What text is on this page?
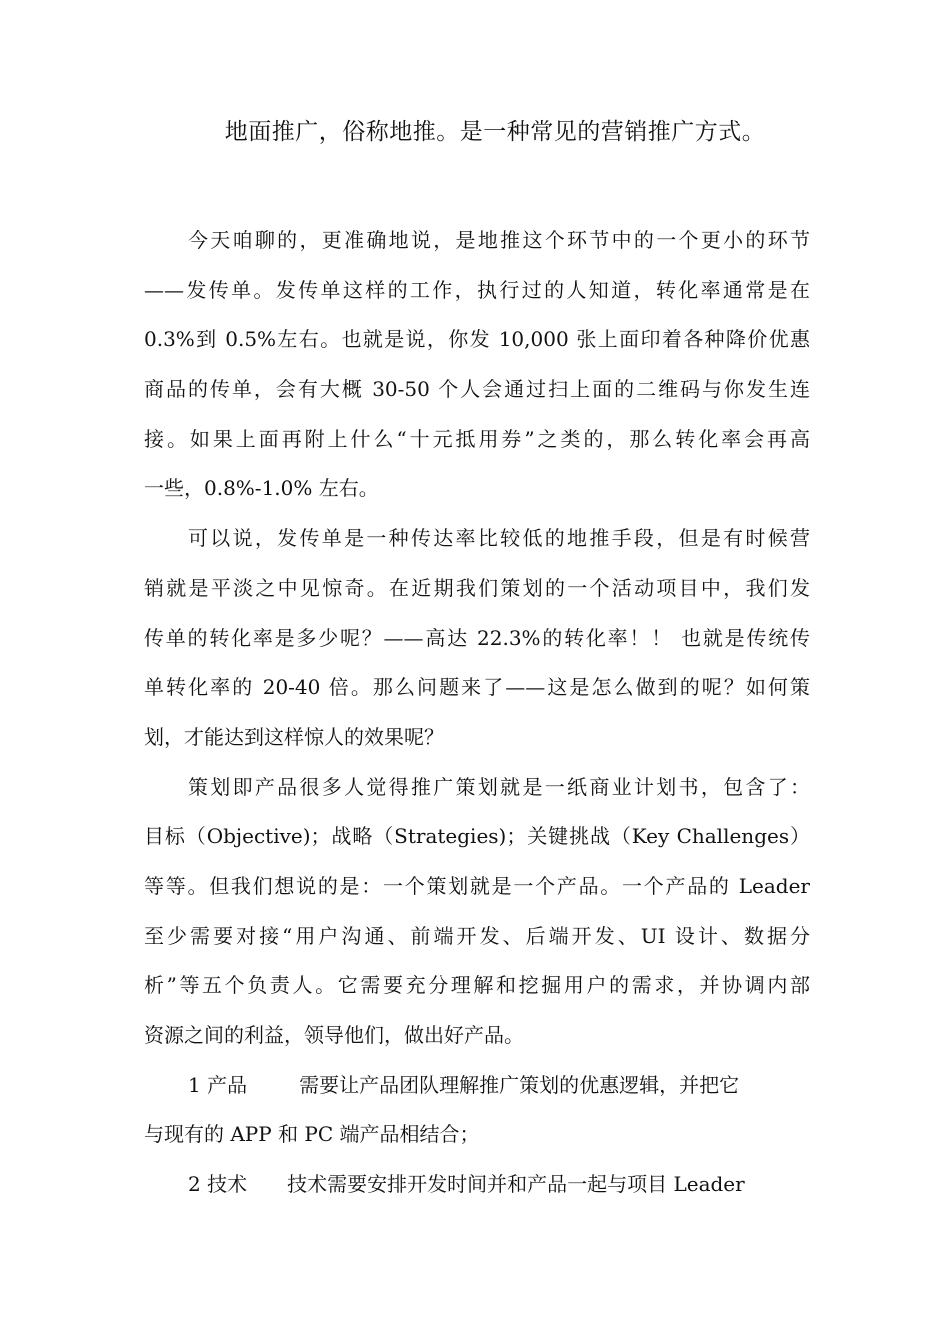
地面推广，俗称地推。是一种常见的营销推广方式。
今天咱聊的，更准确地说，是地推这个环节中的一个更小的环节
——发传单。发传单这样的工作，执行过的人知道，转化率通常是在
0.3%到 0.5%左右。也就是说，你发 10,000 张上面印着各种降价优惠
商品的传单，会有大概 30-50 个人会通过扫上面的二维码与你发生连
接。如果上面再附上什么“十元抵用券”之类的，那么转化率会再高
一些，0.8%-1.0% 左右。
可以说，发传单是一种传达率比较低的地推手段，但是有时候营
销就是平淡之中见惊奇。在近期我们策划的一个活动项目中，我们发
传单的转化率是多少呢？——高达 22.3%的转化率！！ 也就是传统传
单转化率的 20-40 倍。那么问题来了——这是怎么做到的呢？如何策
划，才能达到这样惊人的效果呢？
策划即产品很多人觉得推广策划就是一纸商业计划书，包含了：
目标（Objective)；战略（Strategies)；关键挑战（Key Challenges）
等等。但我们想说的是：一个策划就是一个产品。一个产品的 Leader
至少需要对接“用户沟通、前端开发、后端开发、UI 设计、数据分
析”等五个负责人。它需要充分理解和挖掘用户的需求，并协调内部
资源之间的利益，领导他们，做出好产品。
1 产品	需要让产品团队理解推广策划的优惠逻辑，并把它
与现有的 APP 和 PC 端产品相结合；
2 技术 技术需要安排开发时间并和产品一起与项目 Leader
